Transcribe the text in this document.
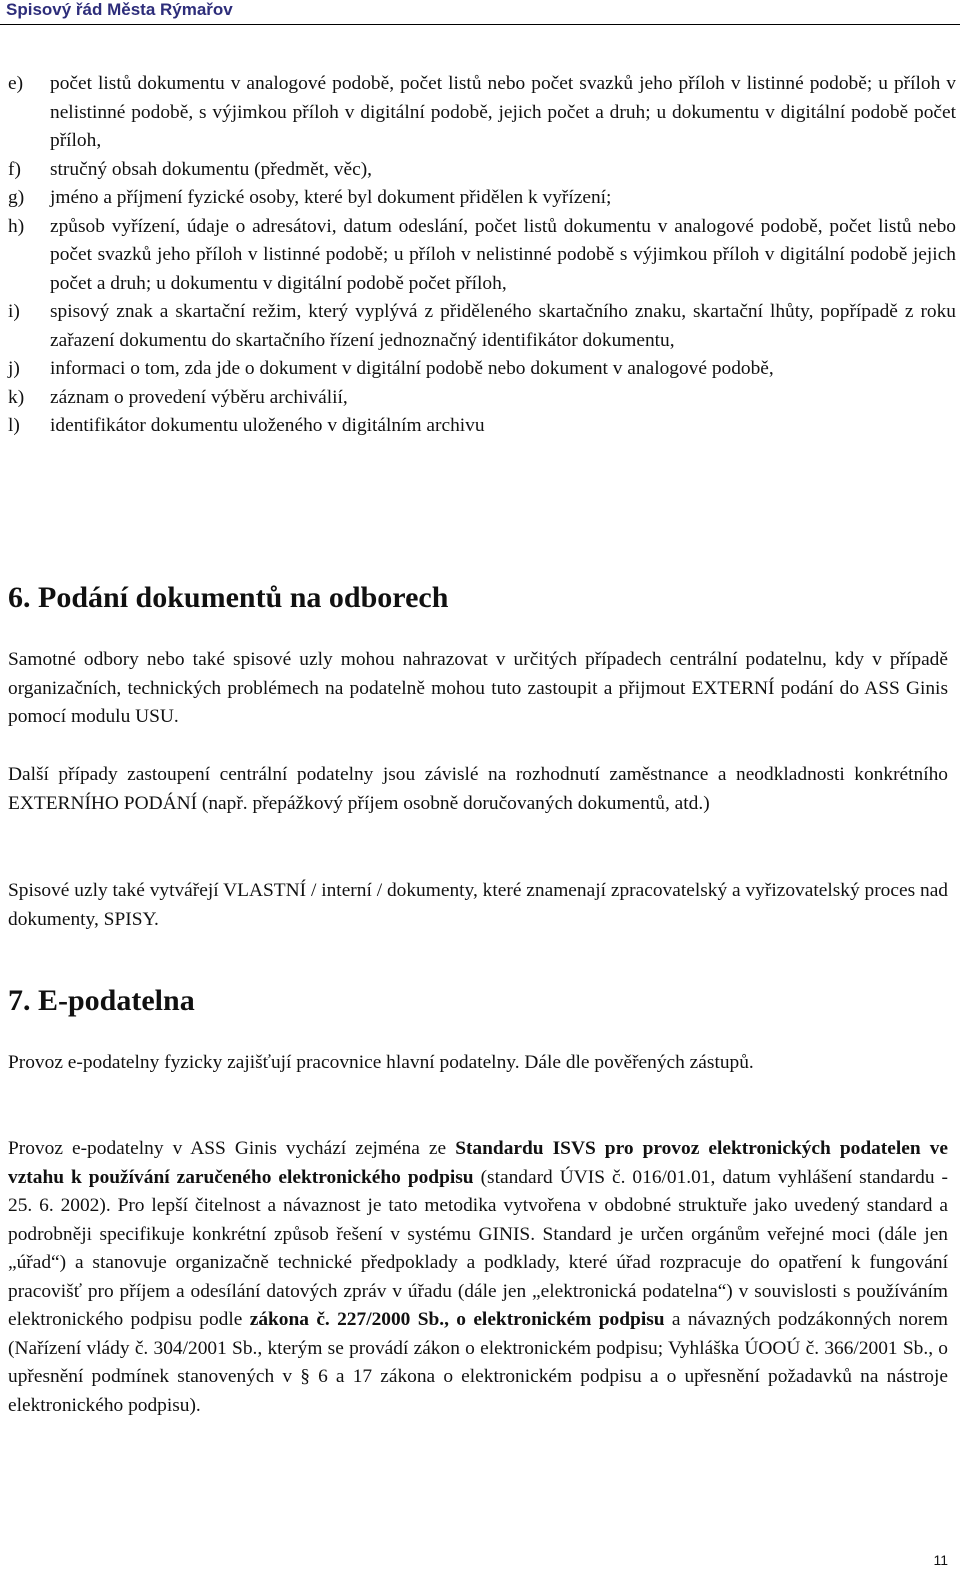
Spisový řád Města Rýmařov
e)	počet listů dokumentu v analogové podobě, počet listů nebo počet svazků jeho příloh v listinné podobě; u příloh v nelistinné podobě, s výjimkou příloh v digitální podobě, jejich počet a druh; u dokumentu v digitální podobě počet příloh,
f)	stručný obsah dokumentu (předmět, věc),
g)	jméno a příjmení fyzické osoby, které byl dokument přidělen k vyřízení;
h)	způsob vyřízení, údaje o adresátovi, datum odeslání, počet listů dokumentu v analogové podobě, počet listů nebo počet svazků jeho příloh v listinné podobě; u příloh v nelistinné podobě s výjimkou příloh v digitální podobě jejich počet a druh; u dokumentu v digitální podobě počet příloh,
i)	spisový znak a skartační režim, který vyplývá z přiděleného skartačního znaku, skartační lhůty, popřípadě z roku zařazení dokumentu do skartačního řízení jednoznačný identifikátor dokumentu,
j)	informaci o tom, zda jde o dokument v digitální podobě nebo dokument v analogové podobě,
k)	záznam o provedení výběru archiválií,
l)	identifikátor dokumentu uloženého v digitálním archivu
6. Podání dokumentů na odborech

Samotné odbory nebo také spisové uzly mohou nahrazovat v určitých případech centrální podatelnu, kdy v případě organizačních, technických problémech na podatelně mohou tuto zastoupit a přijmout EXTERNÍ podání do ASS Ginis pomocí modulu USU.

Další případy zastoupení centrální podatelny jsou závislé na rozhodnutí zaměstnance a neodkladnosti konkrétního EXTERNÍHO PODÁNÍ (např. přepážkový příjem osobně doručovaných dokumentů, atd.)

Spisové uzly také vytvářejí VLASTNÍ / interní / dokumenty, které znamenají zpracovatelský a vyřizovatelský proces nad dokumenty, SPISY.

7. E-podatelna

Provoz e-podatelny fyzicky zajišťují pracovnice hlavní podatelny. Dále dle pověřených zástupů.

Provoz e-podatelny v ASS Ginis vychází zejména ze Standardu ISVS pro provoz elektronických podatelen ve vztahu k používání zaručeného elektronického podpisu (standard ÚVIS č. 016/01.01, datum vyhlášení standardu - 25. 6. 2002). Pro lepší čitelnost a návaznost je tato metodika vytvořena v obdobné struktuře jako uvedený standard a podrobněji specifikuje konkrétní způsob řešení v systému GINIS. Standard je určen orgánům veřejné moci (dále jen „úřad“) a stanovuje organizačně technické předpoklady a podklady, které úřad rozpracuje do opatření k fungování pracovišť pro příjem a odesílání datových zpráv v úřadu (dále jen „elektronická podatelna“) v souvislosti s používáním elektronického podpisu podle zákona č. 227/2000 Sb., o elektronickém podpisu a návazných podzákonných norem (Nařízení vlády č. 304/2001 Sb., kterým se provádí zákon o elektronickém podpisu; Vyhláška ÚOOÚ č. 366/2001 Sb., o upřesnění podmínek stanovených v § 6 a 17 zákona o elektronickém podpisu a o upřesnění požadavků na nástroje elektronického podpisu).

11
